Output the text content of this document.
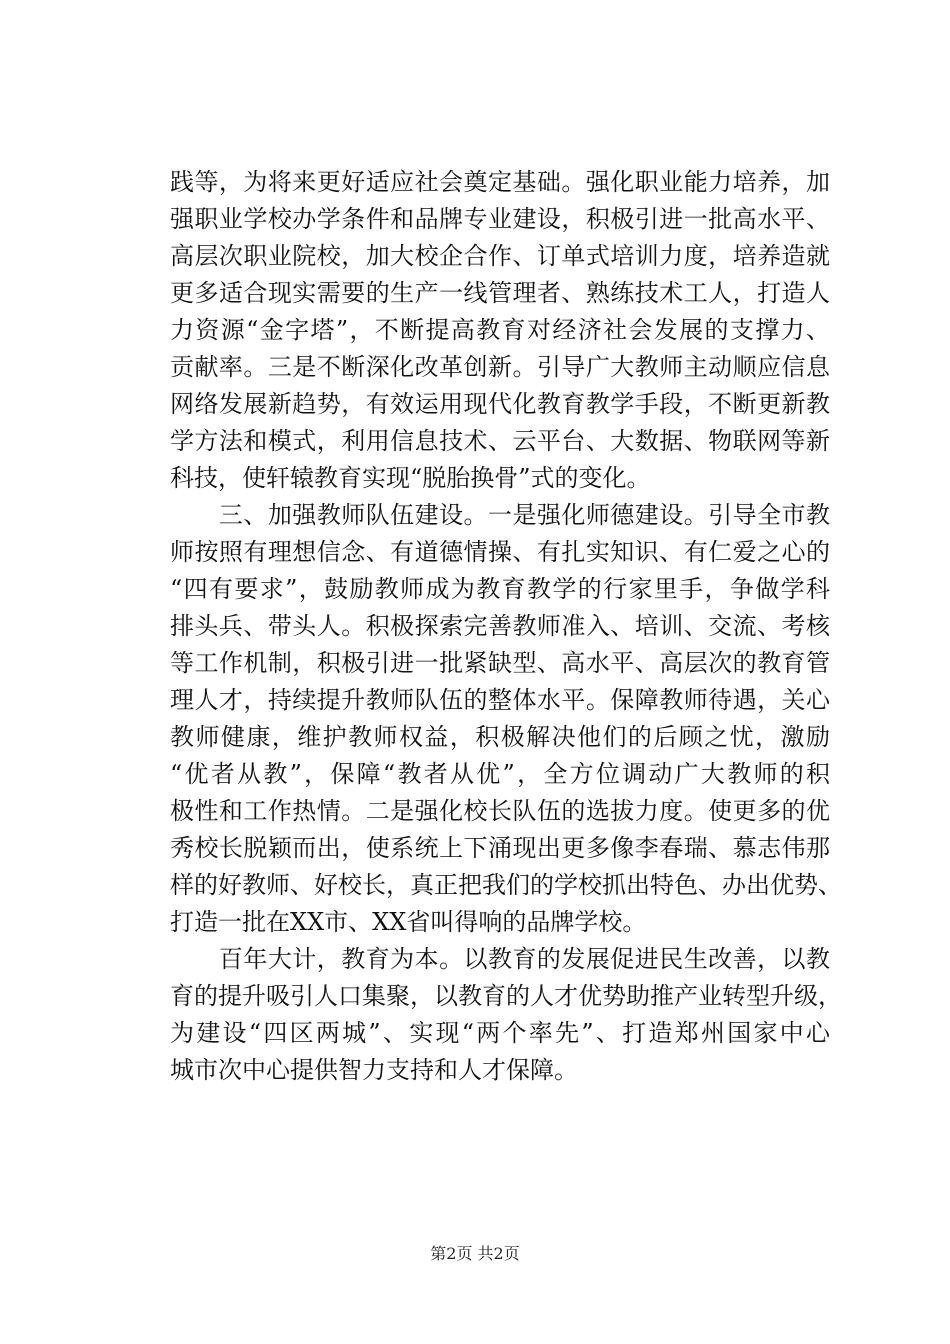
践等，为将来更好适应社会奠定基础。强化职业能力培养，加
强职业学校办学条件和品牌专业建设，积极引进一批高水平、
高层次职业院校，加大校企合作、订单式培训力度，培养造就
更多适合现实需要的生产一线管理者、熟练技术工人，打造人
力资源“金字塔”，不断提高教育对经济社会发展的支撑力、
贡献率。三是不断深化改革创新。引导广大教师主动顺应信息
网络发展新趋势，有效运用现代化教育教学手段，不断更新教
学方法和模式，利用信息技术、云平台、大数据、物联网等新
科技，使轩辕教育实现“脱胎换骨”式的变化。
　　三、加强教师队伍建设。一是强化师德建设。引导全市教
师按照有理想信念、有道德情操、有扎实知识、有仁爱之心的
“四有要求”，鼓励教师成为教育教学的行家里手，争做学科
排头兵、带头人。积极探索完善教师准入、培训、交流、考核
等工作机制，积极引进一批紧缺型、高水平、高层次的教育管
理人才，持续提升教师队伍的整体水平。保障教师待遇，关心
教师健康，维护教师权益，积极解决他们的后顾之忧，激励
“优者从教”，保障“教者从优”，全方位调动广大教师的积
极性和工作热情。二是强化校长队伍的选拔力度。使更多的优
秀校长脱颖而出，使系统上下涌现出更多像李春瑞、慕志伟那
样的好教师、好校长，真正把我们的学校抓出特色、办出优势、
打造一批在XX市、XX省叫得响的品牌学校。
　　百年大计，教育为本。以教育的发展促进民生改善，以教
育的提升吸引人口集聚，以教育的人才优势助推产业转型升级，
为建设“四区两城”、实现“两个率先”、打造郑州国家中心
城市次中心提供智力支持和人才保障。
第2页 共2页
